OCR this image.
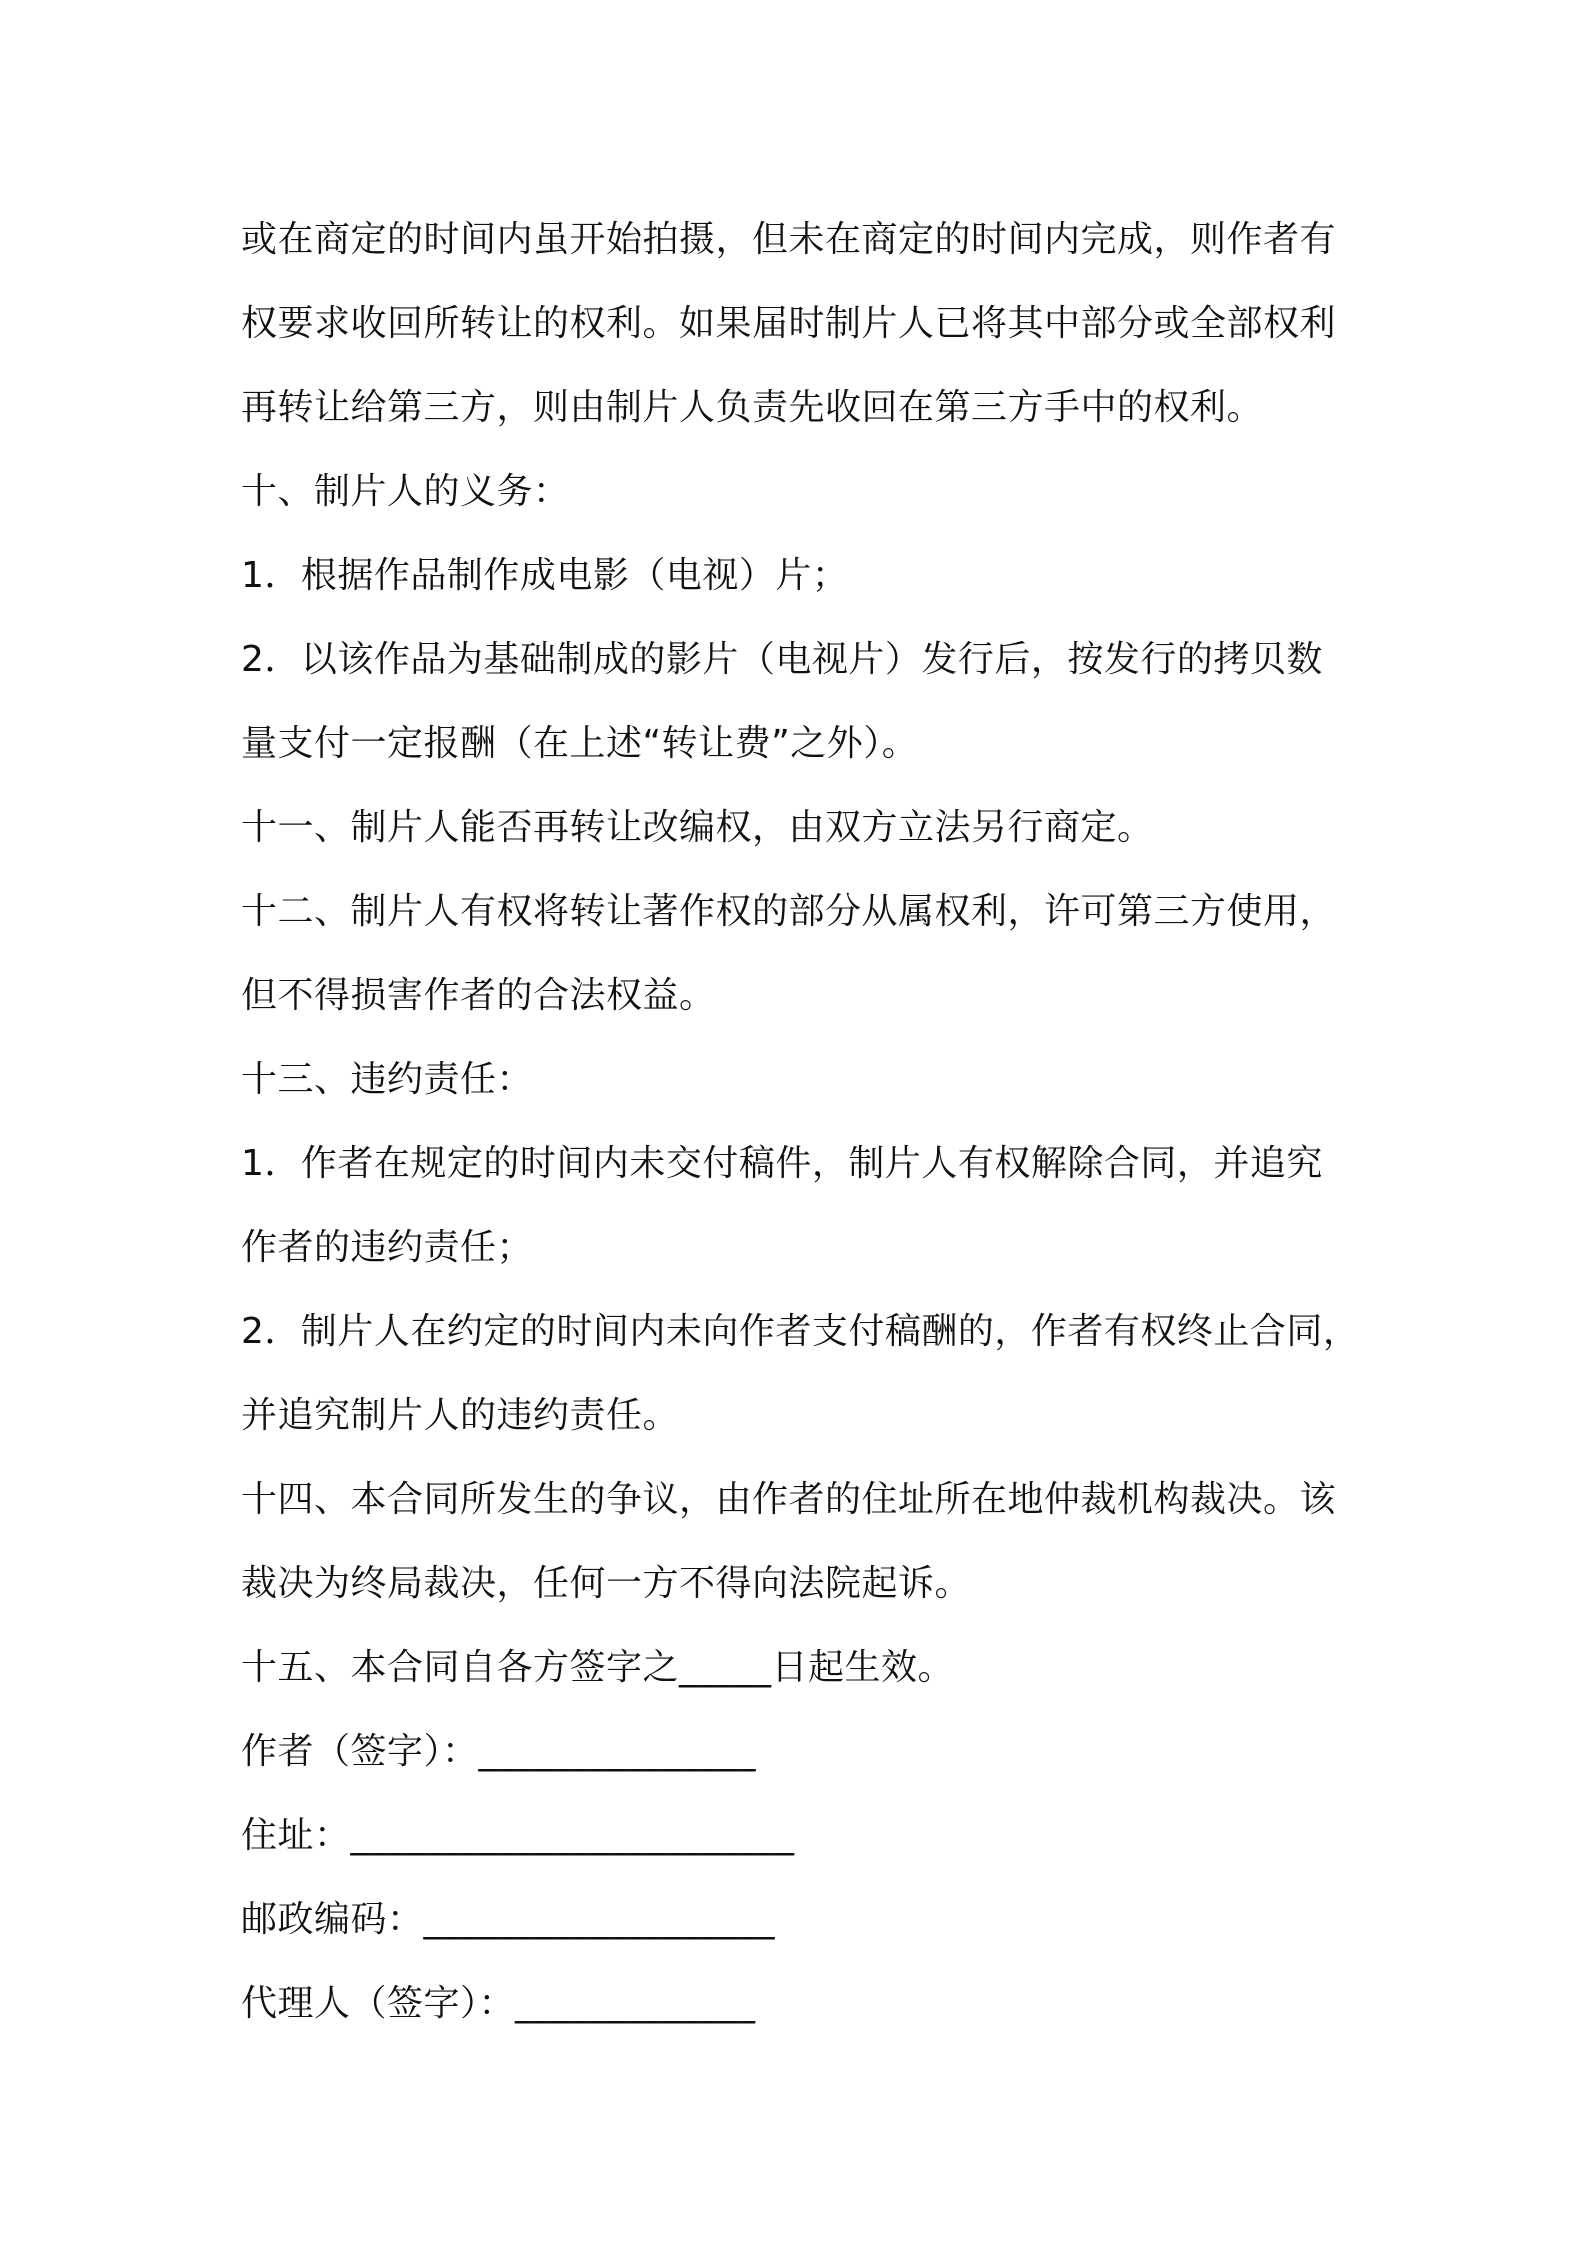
或在商定的时间内虽开始拍摄，但未在商定的时间内完成，则作者有

权要求收回所转让的权利。如果届时制片人已将其中部分或全部权利

再转让给第三方，则由制片人负责先收回在第三方手中的权利。

十、制片人的义务：

1．根据作品制作成电影（电视）片；

2．以该作品为基础制成的影片（电视片）发行后，按发行的拷贝数

量支付一定报酬（在上述“转让费”之外）。

十一、制片人能否再转让改编权，由双方立法另行商定。

十二、制片人有权将转让著作权的部分从属权利，许可第三方使用，

但不得损害作者的合法权益。

十三、违约责任：

1．作者在规定的时间内未交付稿件，制片人有权解除合同，并追究

作者的违约责任；

2．制片人在约定的时间内未向作者支付稿酬的，作者有权终止合同，

并追究制片人的违约责任。

十四、本合同所发生的争议，由作者的住址所在地仲裁机构裁决。该

裁决为终局裁决，任何一方不得向法院起诉。

十五、本合同自各方签字之_____日起生效。

作者（签字）：_______________

住址：________________________

邮政编码：___________________

代理人（签字）：_____________
